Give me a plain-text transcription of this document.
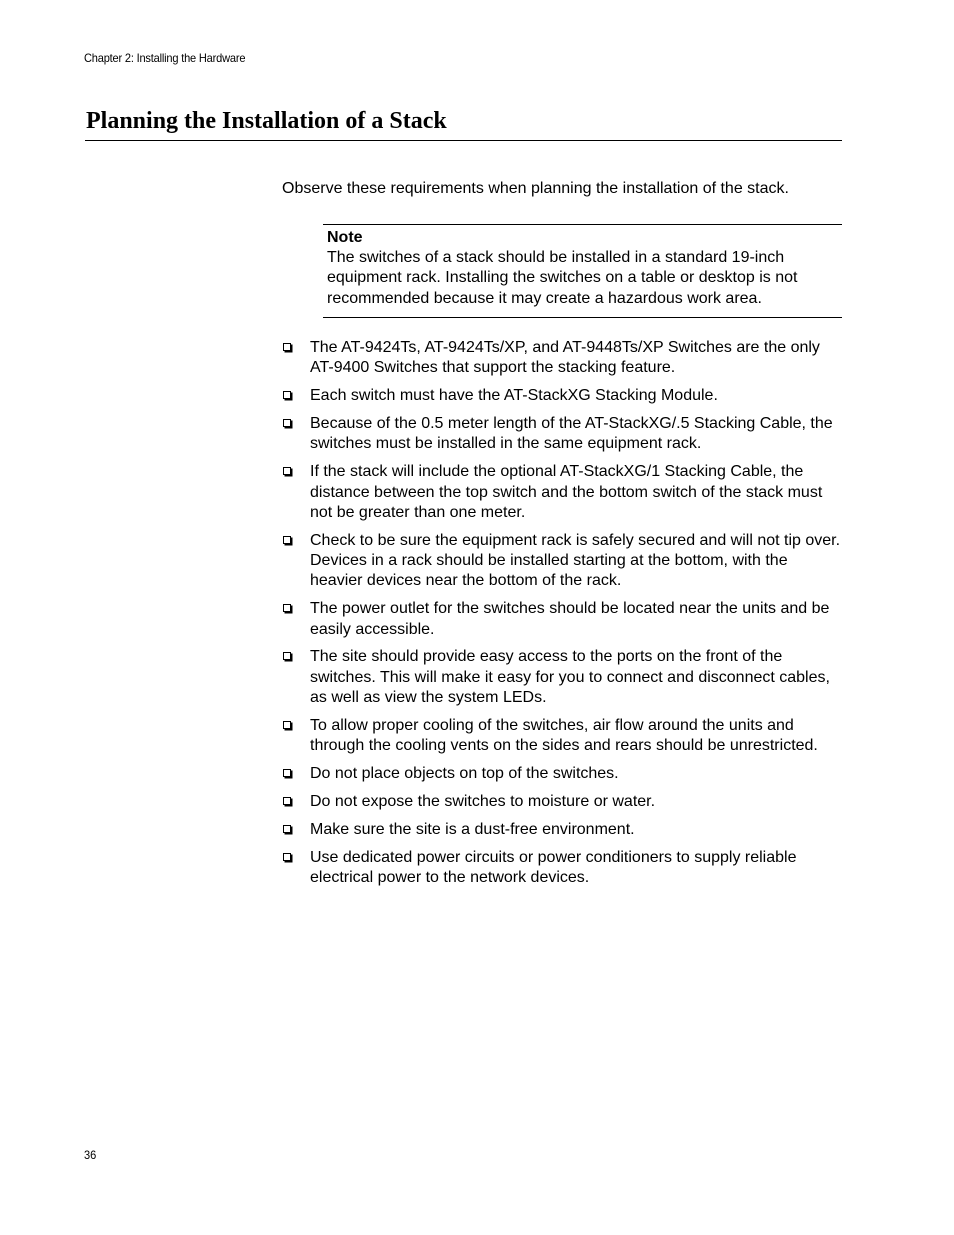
Chapter 2: Installing the Hardware
Planning the Installation of a Stack

Observe these requirements when planning the installation of the stack.

Note
The switches of a stack should be installed in a standard 19-inch equipment rack. Installing the switches on a table or desktop is not recommended because it may create a hazardous work area.
The AT-9424Ts, AT-9424Ts/XP, and AT-9448Ts/XP Switches are the only AT-9400 Switches that support the stacking feature.
Each switch must have the AT-StackXG Stacking Module.
Because of the 0.5 meter length of the AT-StackXG/.5 Stacking Cable, the switches must be installed in the same equipment rack.
If the stack will include the optional AT-StackXG/1 Stacking Cable, the distance between the top switch and the bottom switch of the stack must not be greater than one meter.
Check to be sure the equipment rack is safely secured and will not tip over. Devices in a rack should be installed starting at the bottom, with the heavier devices near the bottom of the rack.
The power outlet for the switches should be located near the units and be easily accessible.
The site should provide easy access to the ports on the front of the switches. This will make it easy for you to connect and disconnect cables, as well as view the system LEDs.
To allow proper cooling of the switches, air flow around the units and through the cooling vents on the sides and rears should be unrestricted.
Do not place objects on top of the switches.
Do not expose the switches to moisture or water.
Make sure the site is a dust-free environment.
Use dedicated power circuits or power conditioners to supply reliable electrical power to the network devices.
36
